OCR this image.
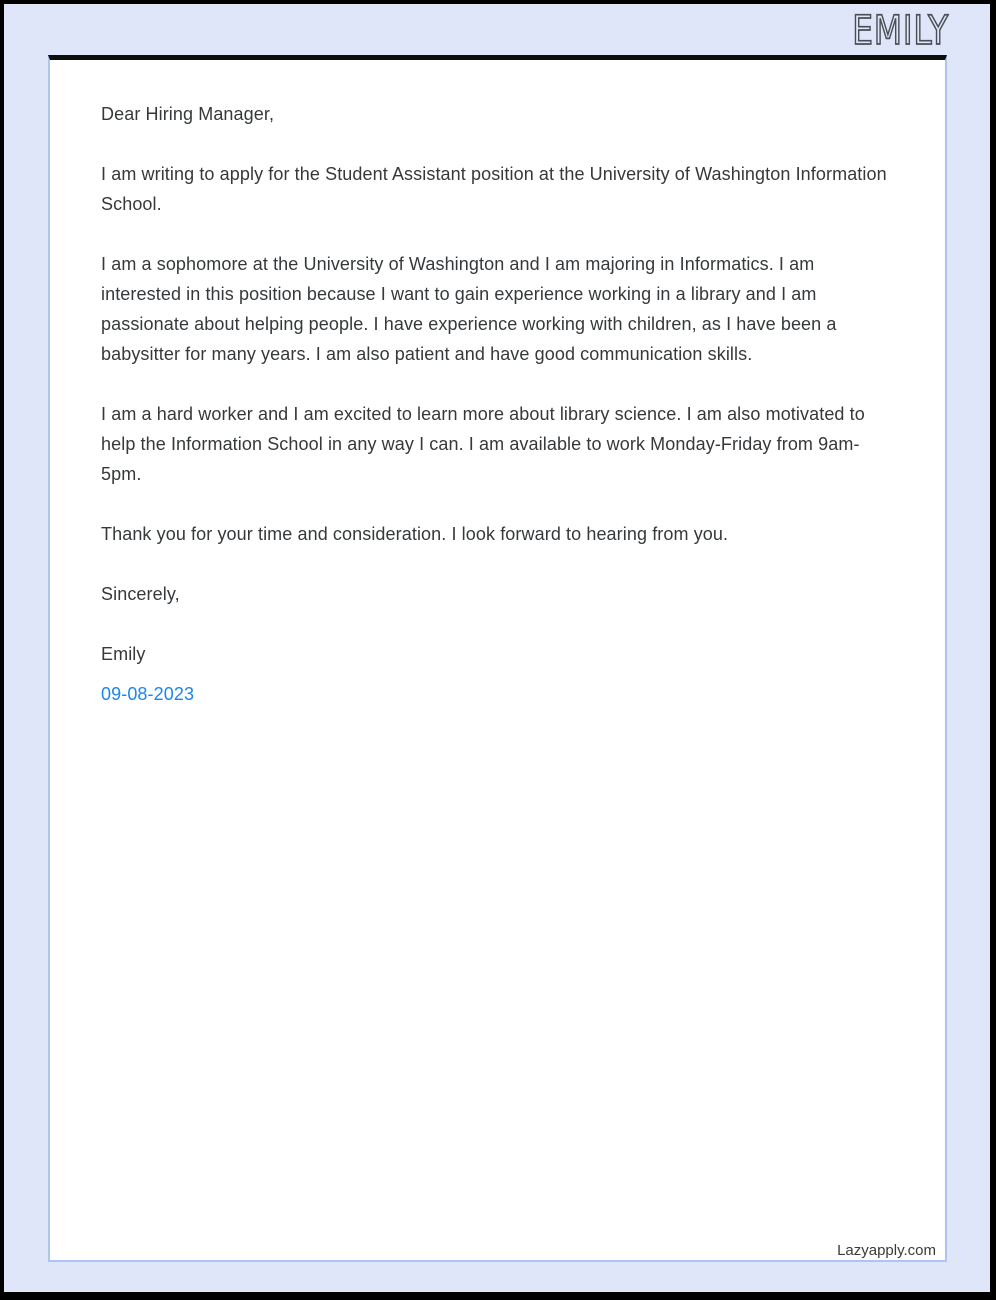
EMILY

Dear Hiring Manager,

I am writing to apply for the Student Assistant position at the University of Washington Information School.

I am a sophomore at the University of Washington and I am majoring in Informatics. I am interested in this position because I want to gain experience working in a library and I am passionate about helping people. I have experience working with children, as I have been a babysitter for many years. I am also patient and have good communication skills.

I am a hard worker and I am excited to learn more about library science. I am also motivated to help the Information School in any way I can. I am available to work Monday-Friday from 9am-5pm.

Thank you for your time and consideration. I look forward to hearing from you.

Sincerely,

Emily

09-08-2023

Lazyapply.com
